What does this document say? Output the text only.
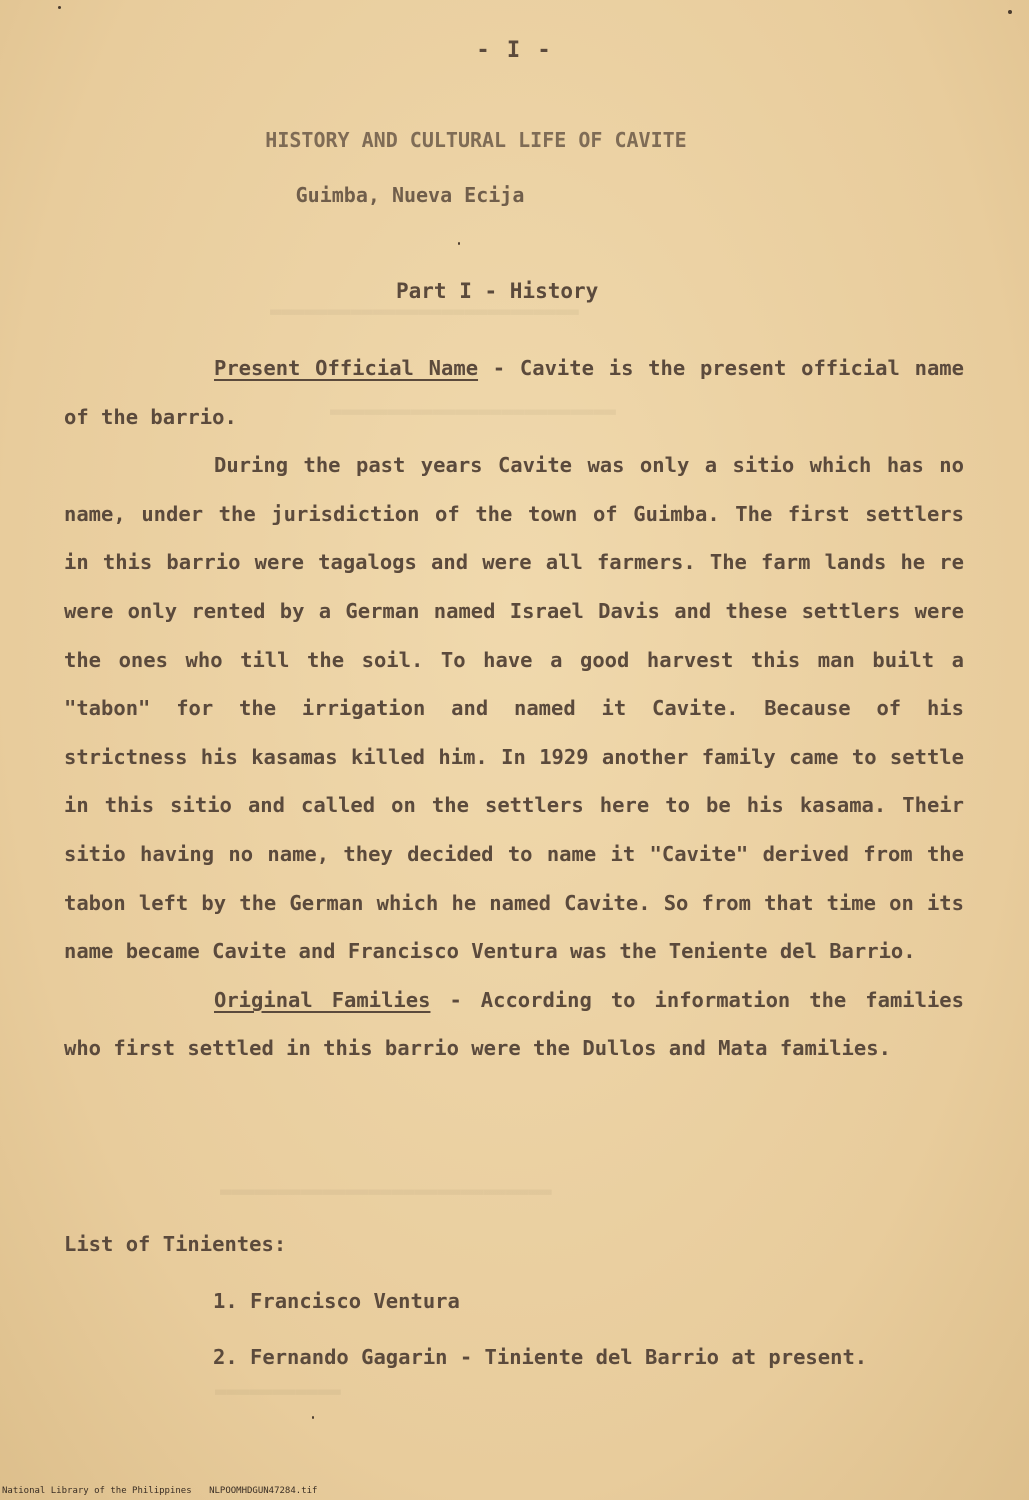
▬▬▬▬▬▬▬▬▬▬▬▬▬▬▬▬▬▬▬▬▬▬▬▬▬▬▬
▬▬▬▬▬▬▬▬▬▬▬▬▬▬▬▬▬▬▬▬▬▬▬▬▬
▬▬▬▬▬▬▬▬▬▬▬▬▬▬▬▬▬▬▬▬▬▬▬▬▬▬▬▬▬
▬▬▬▬▬▬▬▬▬▬▬
- I -
HISTORY AND CULTURAL LIFE OF CAVITE
Guimba, Nueva Ecija
Part I - History

Present Official Name - Cavite is the present official name of the barrio.

During the past years Cavite was only a sitio which has no name, under the jurisdiction of the town of Guimba. The first settlers in this barrio were tagalogs and were all farmers. The farm lands he re were only rented by a German named Israel Davis and these settlers were the ones who till the soil. To have a good harvest this man built a "tabon" for the irrigation and named it Cavite. Because of his strictness his kasamas killed him. In 1929 another family came to settle in this sitio and called on the settlers here to be his kasama. Their sitio having no name, they decided to name it "Cavite" derived from the tabon left by the German which he named Cavite. So from that time on its name became Cavite and Francisco Ventura was the Teniente del Barrio.

Original Families - According to information the families who first settled in this barrio were the Dullos and Mata families.

List of Tinientes:
1. Francisco Ventura
2. Fernando Gagarin - Tiniente del Barrio at present.
National Library of the Philippines NLPOOMHDGUN47284.tif
